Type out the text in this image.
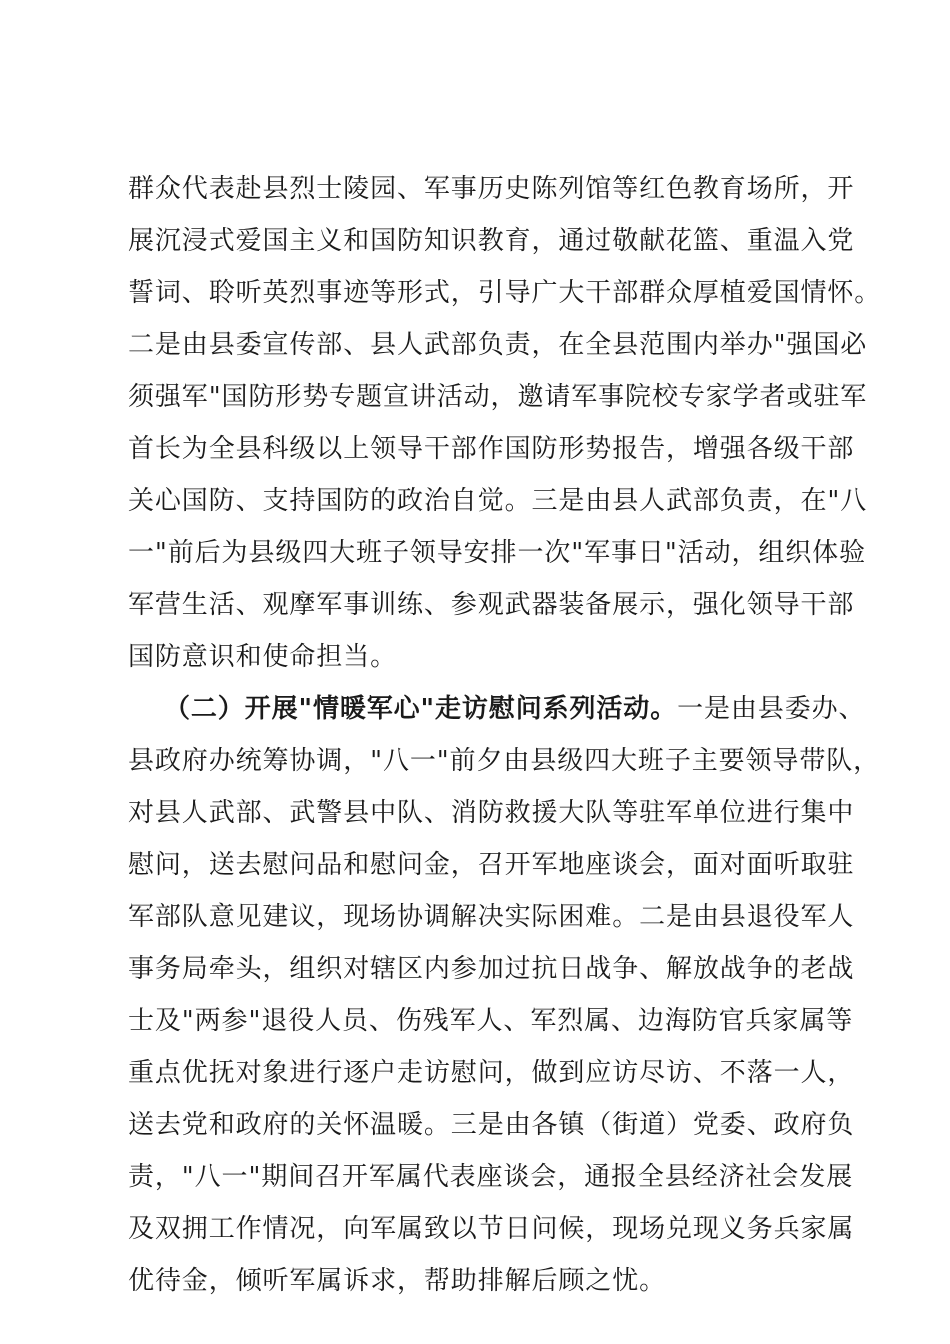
群众代表赴县烈士陵园、军事历史陈列馆等红色教育场所，开
展沉浸式爱国主义和国防知识教育，通过敬献花篮、重温入党
誓词、聆听英烈事迹等形式，引导广大干部群众厚植爱国情怀。
二是由县委宣传部、县人武部负责，在全县范围内举办"强国必
须强军"国防形势专题宣讲活动，邀请军事院校专家学者或驻军
首长为全县科级以上领导干部作国防形势报告，增强各级干部
关心国防、支持国防的政治自觉。三是由县人武部负责，在"八
一"前后为县级四大班子领导安排一次"军事日"活动，组织体验
军营生活、观摩军事训练、参观武器装备展示，强化领导干部
国防意识和使命担当。
（二）开展"情暖军心"走访慰问系列活动。一是由县委办、
县政府办统筹协调，"八一"前夕由县级四大班子主要领导带队，
对县人武部、武警县中队、消防救援大队等驻军单位进行集中
慰问，送去慰问品和慰问金，召开军地座谈会，面对面听取驻
军部队意见建议，现场协调解决实际困难。二是由县退役军人
事务局牵头，组织对辖区内参加过抗日战争、解放战争的老战
士及"两参"退役人员、伤残军人、军烈属、边海防官兵家属等
重点优抚对象进行逐户走访慰问，做到应访尽访、不落一人，
送去党和政府的关怀温暖。三是由各镇（街道）党委、政府负
责，"八一"期间召开军属代表座谈会，通报全县经济社会发展
及双拥工作情况，向军属致以节日问候，现场兑现义务兵家属
优待金，倾听军属诉求，帮助排解后顾之忧。
